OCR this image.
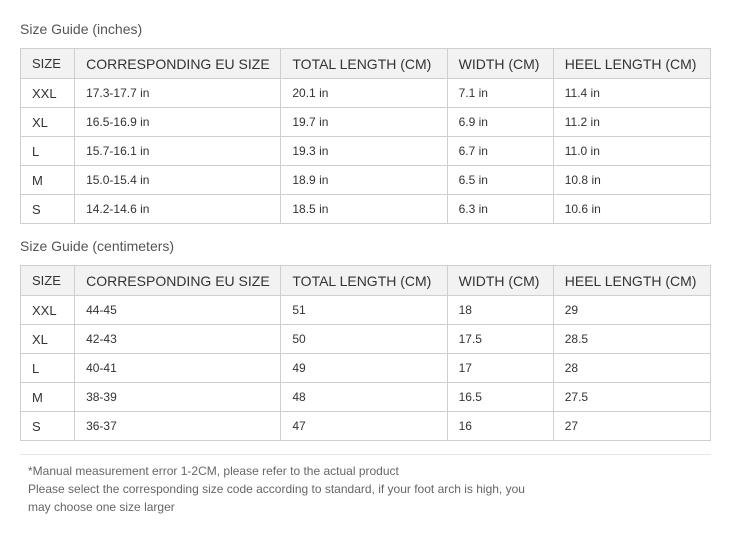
Size Guide (inches)
SIZE	CORRESPONDING EU SIZE	TOTAL LENGTH (CM)	WIDTH (CM)	HEEL LENGTH (CM)
XXL	17.3-17.7 in	20.1 in	7.1 in	11.4 in
XL	16.5-16.9 in	19.7 in	6.9 in	11.2 in
L	15.7-16.1 in	19.3 in	6.7 in	11.0 in
M	15.0-15.4 in	18.9 in	6.5 in	10.8 in
S	14.2-14.6 in	18.5 in	6.3 in	10.6 in
Size Guide (centimeters)
SIZE	CORRESPONDING EU SIZE	TOTAL LENGTH (CM)	WIDTH (CM)	HEEL LENGTH (CM)
XXL	44-45	51	18	29
XL	42-43	50	17.5	28.5
L	40-41	49	17	28
M	38-39	48	16.5	27.5
S	36-37	47	16	27
*Manual measurement error 1-2CM, please refer to the actual product
Please select the corresponding size code according to standard, if your foot arch is high, you
may choose one size larger
